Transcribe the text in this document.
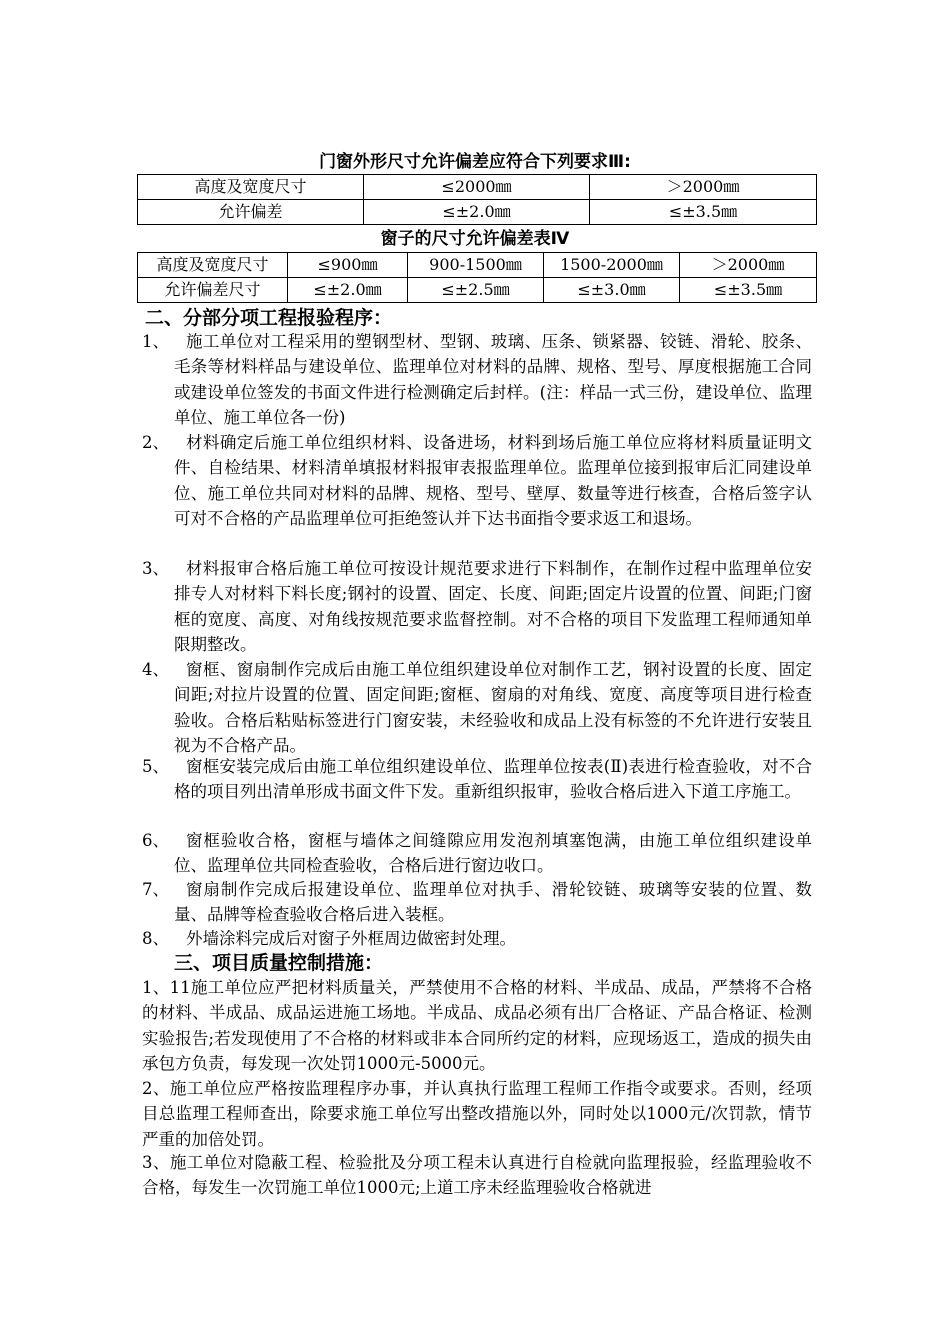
门窗外形尺寸允许偏差应符合下列要求Ⅲ:
高度及宽度尺寸	≤2000㎜	＞2000㎜
允许偏差	≤±2.0㎜	≤±3.5㎜
窗子的尺寸允许偏差表Ⅳ
高度及宽度尺寸	≤900㎜	900-1500㎜	1500-2000㎜	＞2000㎜
允许偏差尺寸	≤±2.0㎜	≤±2.5㎜	≤±3.0㎜	≤±3.5㎜
二、分部分项工程报验程序：
1、	施工单位对工程采用的塑钢型材、型钢、玻璃、压条、锁紧器、铰链、滑轮、胶条、毛条等材料样品与建设单位、监理单位对材料的品牌、规格、型号、厚度根据施工合同或建设单位签发的书面文件进行检测确定后封样。(注：样品一式三份，建设单位、监理单位、施工单位各一份)
2、	材料确定后施工单位组织材料、设备进场，材料到场后施工单位应将材料质量证明文件、自检结果、材料清单填报材料报审表报监理单位。监理单位接到报审后汇同建设单位、施工单位共同对材料的品牌、规格、型号、壁厚、数量等进行核查，合格后签字认可对不合格的产品监理单位可拒绝签认并下达书面指令要求返工和退场。
3、	材料报审合格后施工单位可按设计规范要求进行下料制作，在制作过程中监理单位安排专人对材料下料长度;钢衬的设置、固定、长度、间距;固定片设置的位置、间距;门窗框的宽度、高度、对角线按规范要求监督控制。对不合格的项目下发监理工程师通知单限期整改。
4、	窗框、窗扇制作完成后由施工单位组织建设单位对制作工艺，钢衬设置的长度、固定间距;对拉片设置的位置、固定间距;窗框、窗扇的对角线、宽度、高度等项目进行检查验收。合格后粘贴标签进行门窗安装，未经验收和成品上没有标签的不允许进行安装且视为不合格产品。
5、	窗框安装完成后由施工单位组织建设单位、监理单位按表(Ⅱ)表进行检查验收，对不合格的项目列出清单形成书面文件下发。重新组织报审，验收合格后进入下道工序施工。
6、	窗框验收合格，窗框与墙体之间缝隙应用发泡剂填塞饱满，由施工单位组织建设单位、监理单位共同检查验收，合格后进行窗边收口。
7、	窗扇制作完成后报建设单位、监理单位对执手、滑轮铰链、玻璃等安装的位置、数量、品牌等检查验收合格后进入装框。
8、	外墙涂料完成后对窗子外框周边做密封处理。
三、项目质量控制措施：
1、11施工单位应严把材料质量关，严禁使用不合格的材料、半成品、成品，严禁将不合格的材料、半成品、成品运进施工场地。半成品、成品必须有出厂合格证、产品合格证、检测实验报告;若发现使用了不合格的材料或非本合同所约定的材料，应现场返工，造成的损失由承包方负责，每发现一次处罚1000元-5000元。
2、施工单位应严格按监理程序办事，并认真执行监理工程师工作指令或要求。否则，经项目总监理工程师查出，除要求施工单位写出整改措施以外，同时处以1000元/次罚款，情节严重的加倍处罚。
3、施工单位对隐蔽工程、检验批及分项工程未认真进行自检就向监理报验，经监理验收不合格，每发生一次罚施工单位1000元;上道工序未经监理验收合格就进
